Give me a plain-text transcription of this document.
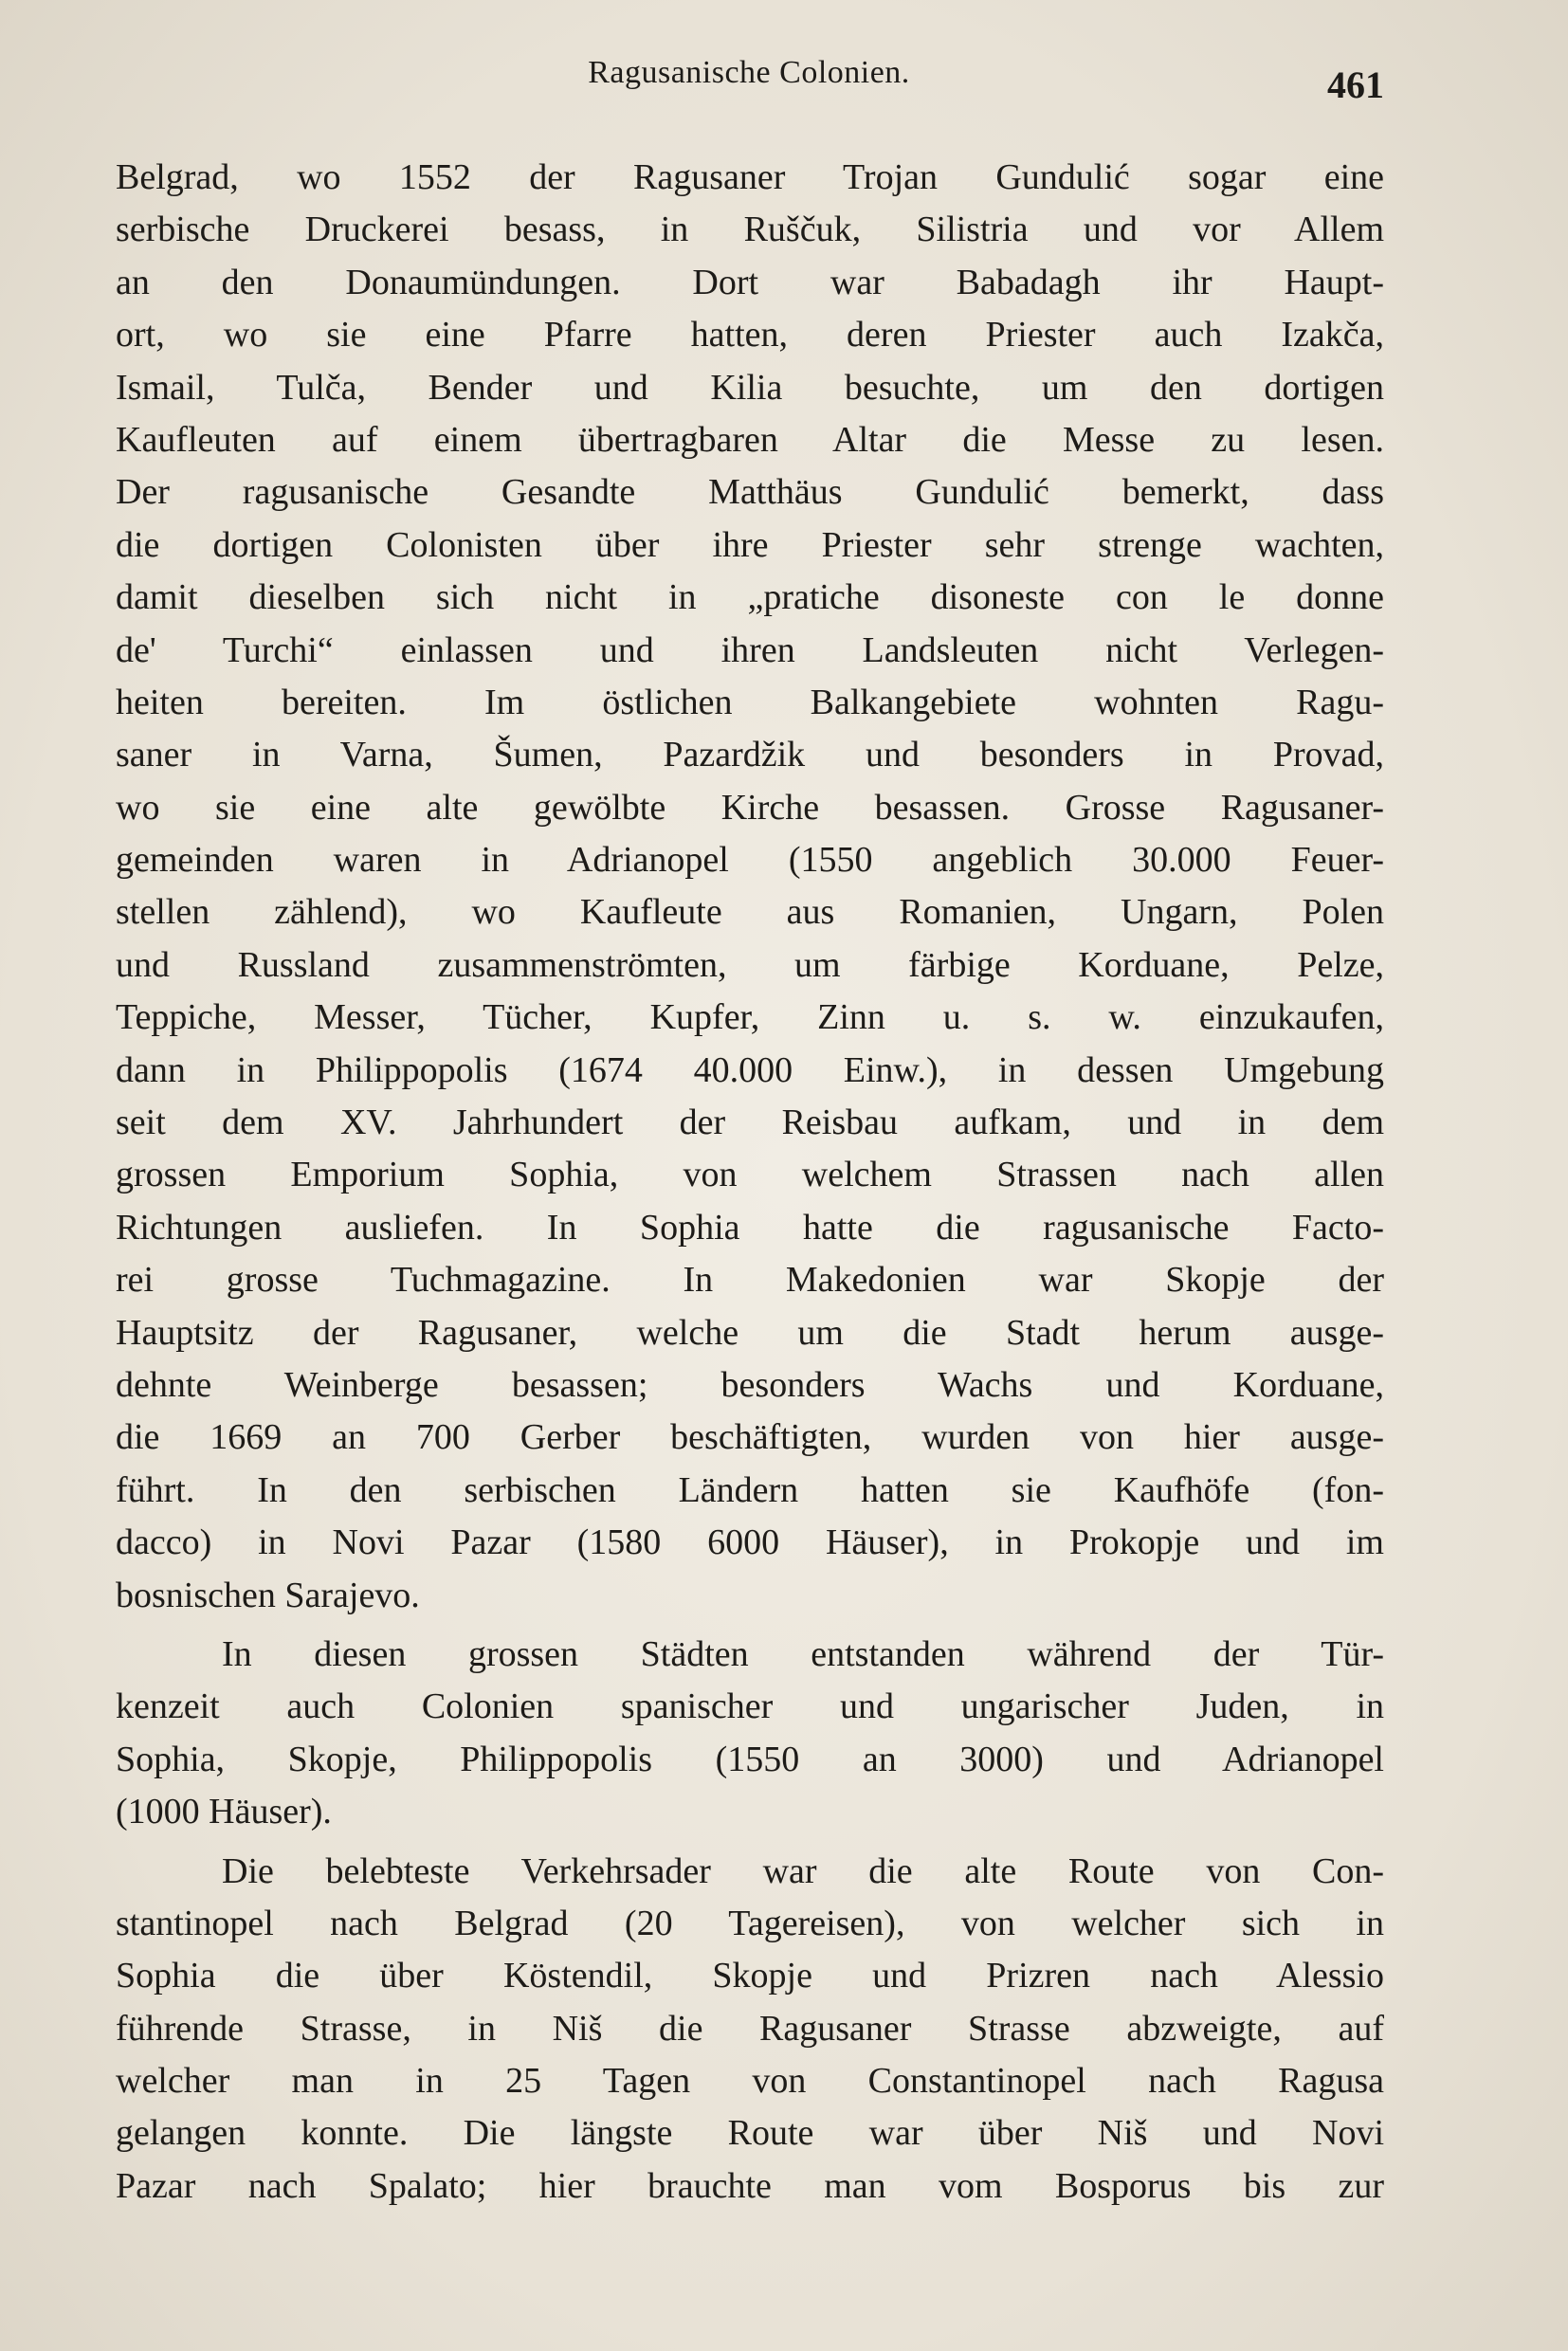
Ragusanische Colonien.	461
Belgrad, wo 1552 der Ragusaner Trojan Gundulić sogar eine
serbische Druckerei besass, in Ruščuk, Silistria und vor Allem
an den Donaumündungen. Dort war Babadagh ihr Haupt-
ort, wo sie eine Pfarre hatten, deren Priester auch Izakča,
Ismail, Tulča, Bender und Kilia besuchte, um den dortigen
Kaufleuten auf einem übertragbaren Altar die Messe zu lesen.
Der ragusanische Gesandte Matthäus Gundulić bemerkt, dass
die dortigen Colonisten über ihre Priester sehr strenge wachten,
damit dieselben sich nicht in „pratiche disoneste con le donne
de' Turchi“ einlassen und ihren Landsleuten nicht Verlegen-
heiten bereiten. Im östlichen Balkangebiete wohnten Ragu-
saner in Varna, Šumen, Pazardžik und besonders in Provad,
wo sie eine alte gewölbte Kirche besassen. Grosse Ragusaner-
gemeinden waren in Adrianopel (1550 angeblich 30.000 Feuer-
stellen zählend), wo Kaufleute aus Romanien, Ungarn, Polen
und Russland zusammenströmten, um färbige Korduane, Pelze,
Teppiche, Messer, Tücher, Kupfer, Zinn u. s. w. einzukaufen,
dann in Philippopolis (1674 40.000 Einw.), in dessen Umgebung
seit dem XV. Jahrhundert der Reisbau aufkam, und in dem
grossen Emporium Sophia, von welchem Strassen nach allen
Richtungen ausliefen. In Sophia hatte die ragusanische Facto-
rei grosse Tuchmagazine. In Makedonien war Skopje der
Hauptsitz der Ragusaner, welche um die Stadt herum ausge-
dehnte Weinberge besassen; besonders Wachs und Korduane,
die 1669 an 700 Gerber beschäftigten, wurden von hier ausge-
führt. In den serbischen Ländern hatten sie Kaufhöfe (fon-
dacco) in Novi Pazar (1580 6000 Häuser), in Prokopje und im
bosnischen Sarajevo.
In diesen grossen Städten entstanden während der Tür-
kenzeit auch Colonien spanischer und ungarischer Juden, in
Sophia, Skopje, Philippopolis (1550 an 3000) und Adrianopel
(1000 Häuser).
Die belebteste Verkehrsader war die alte Route von Con-
stantinopel nach Belgrad (20 Tagereisen), von welcher sich in
Sophia die über Köstendil, Skopje und Prizren nach Alessio
führende Strasse, in Niš die Ragusaner Strasse abzweigte, auf
welcher man in 25 Tagen von Constantinopel nach Ragusa
gelangen konnte. Die längste Route war über Niš und Novi
Pazar nach Spalato; hier brauchte man vom Bosporus bis zur
